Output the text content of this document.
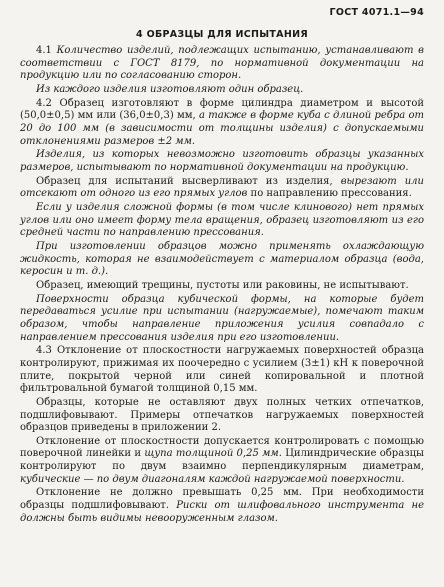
ГОСТ 4071.1—94
4 ОБРАЗЦЫ ДЛЯ ИСПЫТАНИЯ

4.1 Количество изделий, подлежащих испытанию, устанавливают в соответствии с ГОСТ 8179, по нормативной документации на продукцию или по согласованию сторон.

Из каждого изделия изготовляют один образец.

4.2 Образец изготовляют в форме цилиндра диаметром и высотой (50,0±0,5) мм или (36,0±0,3) мм, а также в форме куба с длиной ребра от 20 до 100 мм (в зависимости от толщины изделия) с допускаемыми отклонениями размеров ±2 мм.

Изделия, из которых невозможно изготовить образцы указанных размеров, испытывают по нормативной документации на продукцию.

Образец для испытаний высверливают из изделия, вырезают или отсекают от одного из его прямых углов по направлению прессования.

Если у изделия сложной формы (в том числе клинового) нет прямых углов или оно имеет форму тела вращения, образец изготовляют из его средней части по направлению прессования.

При изготовлении образцов можно применять охлаждающую жидкость, которая не взаимодействует с материалом образца (вода, керосин и т. д.).

Образец, имеющий трещины, пустоты или раковины, не испытывают.

Поверхности образца кубической формы, на которые будет передаваться усилие при испытании (нагружаемые), помечают таким образом, чтобы направление приложения усилия совпадало с направлением прессования изделия при его изготовлении.

4.3 Отклонение от плоскостности нагружаемых поверхностей образца контролируют, прижимая их поочередно с усилием (3±1) кН к поверочной плите, покрытой черной или синей копировальной и плотной фильтровальной бумагой толщиной 0,15 мм.

Образцы, которые не оставляют двух полных четких отпечатков, подшлифовывают. Примеры отпечатков нагружаемых поверхностей образцов приведены в приложении 2.

Отклонение от плоскостности допускается контролировать с помощью поверочной линейки и щупа толщиной 0,25 мм. Цилиндрические образцы контролируют по двум взаимно перпендикулярным диаметрам, кубические — по двум диагоналям каждой нагружаемой поверхности.

Отклонение не должно превышать 0,25 мм. При необходимости образцы подшлифовывают. Риски от шлифовального инструмента не должны быть видимы невооруженным глазом.
